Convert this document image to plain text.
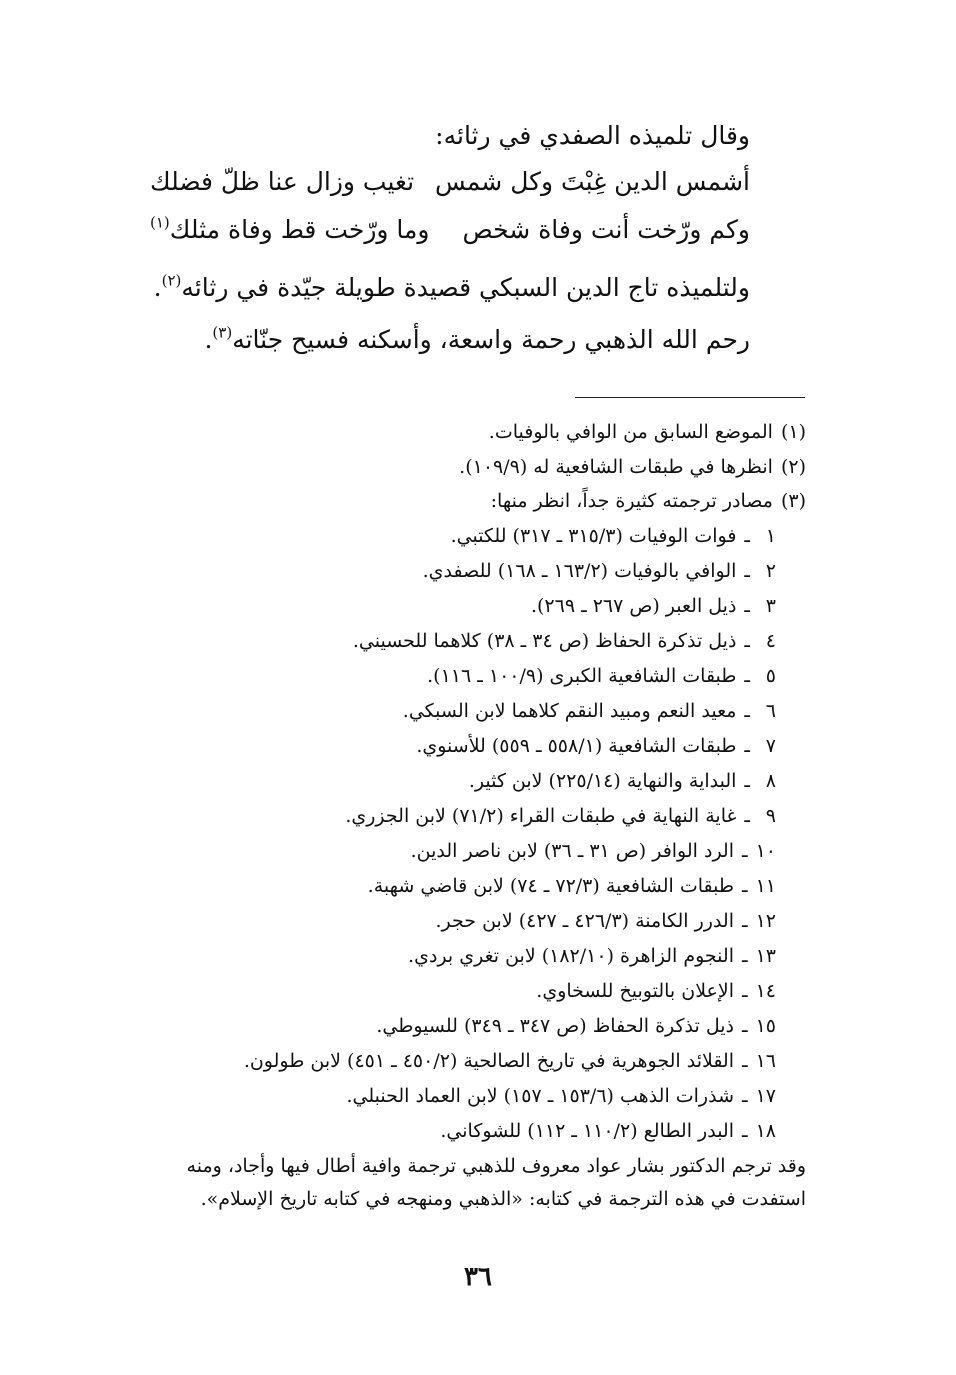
وقال تلميذه الصفدي في رثائه:
أشمس الدين غِبْتَ وكل شمس
تغيب وزال عنا ظلّ فضلك
وكم ورّخت أنت وفاة شخص
وما ورّخت قط وفاة مثلك$^{(١)}$
ولتلميذه تاج الدين السبكي قصيدة طويلة جيّدة في رثائه$^{(٢)}$.
رحم الله الذهبي رحمة واسعة، وأسكنه فسيح جنّاته$^{(٣)}$.
(١)الموضع السابق من الوافي بالوفيات.
(٢)انظرها في طبقات الشافعية له (١٠٩/٩).
(٣)مصادر ترجمته كثيرة جداً، انظر منها:
١ـفوات الوفيات (٣١٥/٣ ـ ٣١٧) للكتبي.
٢ـالوافي بالوفيات (١٦٣/٢ ـ ١٦٨) للصفدي.
٣ـذيل العبر (ص ٢٦٧ ـ ٢٦٩).
٤ـذيل تذكرة الحفاظ (ص ٣٤ ـ ٣٨) كلاهما للحسيني.
٥ـطبقات الشافعية الكبرى (١٠٠/٩ ـ ١١٦).
٦ـمعيد النعم ومبيد النقم كلاهما لابن السبكي.
٧ـطبقات الشافعية (٥٥٨/١ ـ ٥٥٩) للأسنوي.
٨ـالبداية والنهاية (٢٢٥/١٤) لابن كثير.
٩ـغاية النهاية في طبقات القراء (٧١/٢) لابن الجزري.
١٠ـالرد الوافر (ص ٣١ ـ ٣٦) لابن ناصر الدين.
١١ـطبقات الشافعية (٧٢/٣ ـ ٧٤) لابن قاضي شهبة.
١٢ـالدرر الكامنة (٤٢٦/٣ ـ ٤٢٧) لابن حجر.
١٣ـالنجوم الزاهرة (١٨٢/١٠) لابن تغري بردي.
١٤ـالإعلان بالتوبيخ للسخاوي.
١٥ـذيل تذكرة الحفاظ (ص ٣٤٧ ـ ٣٤٩) للسيوطي.
١٦ـالقلائد الجوهرية في تاريخ الصالحية (٤٥٠/٢ ـ ٤٥١) لابن طولون.
١٧ـشذرات الذهب (١٥٣/٦ ـ ١٥٧) لابن العماد الحنبلي.
١٨ـالبدر الطالع (١١٠/٢ ـ ١١٢) للشوكاني.

وقد ترجم الدكتور بشار عواد معروف للذهبي ترجمة وافية أطال فيها وأجاد، ومنه

استفدت في هذه الترجمة في كتابه: «الذهبي ومنهجه في كتابه تاريخ الإسلام».

٣٦
